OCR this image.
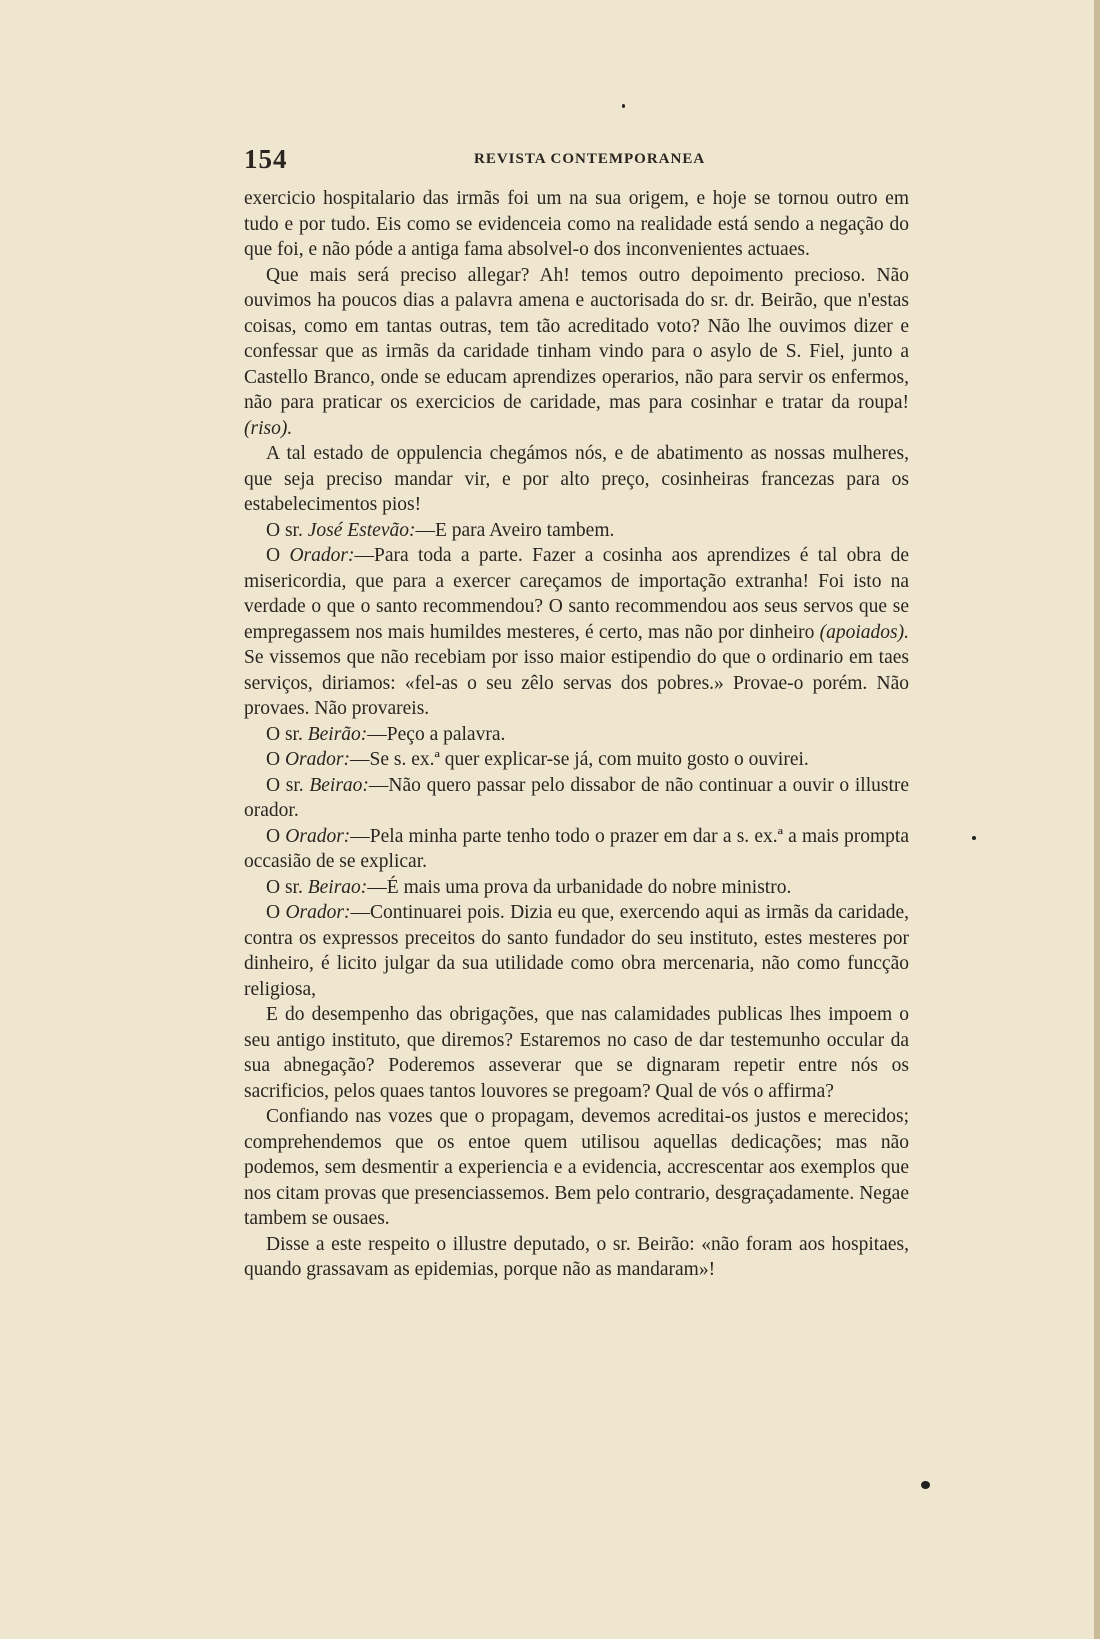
154	REVISTA CONTEMPORANEA

exercicio hospitalario das irmãs foi um na sua origem, e hoje se tornou outro em tudo e por tudo. Eis como se evidenceia como na realidade está sendo a negação do que foi, e não póde a antiga fama absolvel-o dos inconvenientes actuaes.

Que mais será preciso allegar? Ah! temos outro depoimento precioso. Não ouvimos ha poucos dias a palavra amena e auctorisada do sr. dr. Beirão, que n'estas coisas, como em tantas outras, tem tão acreditado voto? Não lhe ouvimos dizer e confessar que as irmãs da caridade tinham vindo para o asylo de S. Fiel, junto a Castello Branco, onde se educam aprendizes operarios, não para servir os enfermos, não para praticar os exercicios de caridade, mas para cosinhar e tratar da roupa! (riso).

A tal estado de oppulencia chegámos nós, e de abatimento as nossas mulheres, que seja preciso mandar vir, e por alto preço, cosinheiras francezas para os estabelecimentos pios!

O sr. José Estevão:—E para Aveiro tambem.

O Orador:—Para toda a parte. Fazer a cosinha aos aprendizes é tal obra de misericordia, que para a exercer careçamos de importação extranha! Foi isto na verdade o que o santo recommendou? O santo recommendou aos seus servos que se empregassem nos mais humildes mesteres, é certo, mas não por dinheiro (apoiados). Se vissemos que não recebiam por isso maior estipendio do que o ordinario em taes serviços, diriamos: «fel-as o seu zêlo servas dos pobres.» Provae-o porém. Não provaes. Não provareis.

O sr. Beirão:—Peço a palavra.

O Orador:—Se s. ex.ª quer explicar-se já, com muito gosto o ouvirei.

O sr. Beirao:—Não quero passar pelo dissabor de não continuar a ouvir o illustre orador.

O Orador:—Pela minha parte tenho todo o prazer em dar a s. ex.ª a mais prompta occasião de se explicar.

O sr. Beirao:—É mais uma prova da urbanidade do nobre ministro.

O Orador:—Continuarei pois. Dizia eu que, exercendo aqui as irmãs da caridade, contra os expressos preceitos do santo fundador do seu instituto, estes mesteres por dinheiro, é licito julgar da sua utilidade como obra mercenaria, não como funcção religiosa,

E do desempenho das obrigações, que nas calamidades publicas lhes impoem o seu antigo instituto, que diremos? Estaremos no caso de dar testemunho occular da sua abnegação? Poderemos asseverar que se dignaram repetir entre nós os sacrificios, pelos quaes tantos louvores se pregoam? Qual de vós o affirma?

Confiando nas vozes que o propagam, devemos acreditai-os justos e merecidos; comprehendemos que os entoe quem utilisou aquellas dedicações; mas não podemos, sem desmentir a experiencia e a evidencia, accrescentar aos exemplos que nos citam provas que presenciassemos. Bem pelo contrario, desgraçadamente. Negae tambem se ousaes.

Disse a este respeito o illustre deputado, o sr. Beirão: «não foram aos hospitaes, quando grassavam as epidemias, porque não as mandaram»!
